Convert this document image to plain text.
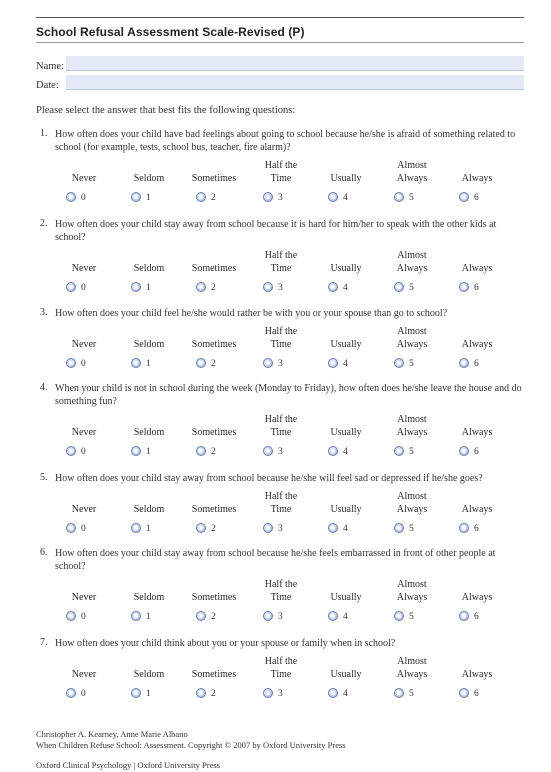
School Refusal Assessment Scale-Revised (P)
Name:
Date:
Please select the answer that best fits the following questions:
1. How often does your child have bad feelings about going to school because he/she is afraid of something related to school (for example, tests, school bus, teacher, fire alarm)?
Never
0
Seldom
1
Sometimes
2
Half the
Time
3
Usually
4
Almost
Always
5
Always
6
2. How often does your child stay away from school because it is hard for him/her to speak with the other kids at school?
Never
0
Seldom
1
Sometimes
2
Half the
Time
3
Usually
4
Almost
Always
5
Always
6
3. How often does your child feel he/she would rather be with you or your spouse than go to school?
Never
0
Seldom
1
Sometimes
2
Half the
Time
3
Usually
4
Almost
Always
5
Always
6
4. When your child is not in school during the week (Monday to Friday), how often does he/she leave the house and do something fun?
Never
0
Seldom
1
Sometimes
2
Half the
Time
3
Usually
4
Almost
Always
5
Always
6
5. How often does your child stay away from school because he/she will feel sad or depressed if he/she goes?
Never
0
Seldom
1
Sometimes
2
Half the
Time
3
Usually
4
Almost
Always
5
Always
6
6. How often does your child stay away from school because he/she feels embarrassed in front of other people at school?
Never
0
Seldom
1
Sometimes
2
Half the
Time
3
Usually
4
Almost
Always
5
Always
6
7. How often does your child think about you or your spouse or family when in school?
Never
0
Seldom
1
Sometimes
2
Half the
Time
3
Usually
4
Almost
Always
5
Always
6
Christopher A. Kearney, Anne Marie Albano
When Children Refuse School: Assessment. Copyright © 2007 by Oxford University Press
Oxford Clinical Psychology | Oxford University Press
